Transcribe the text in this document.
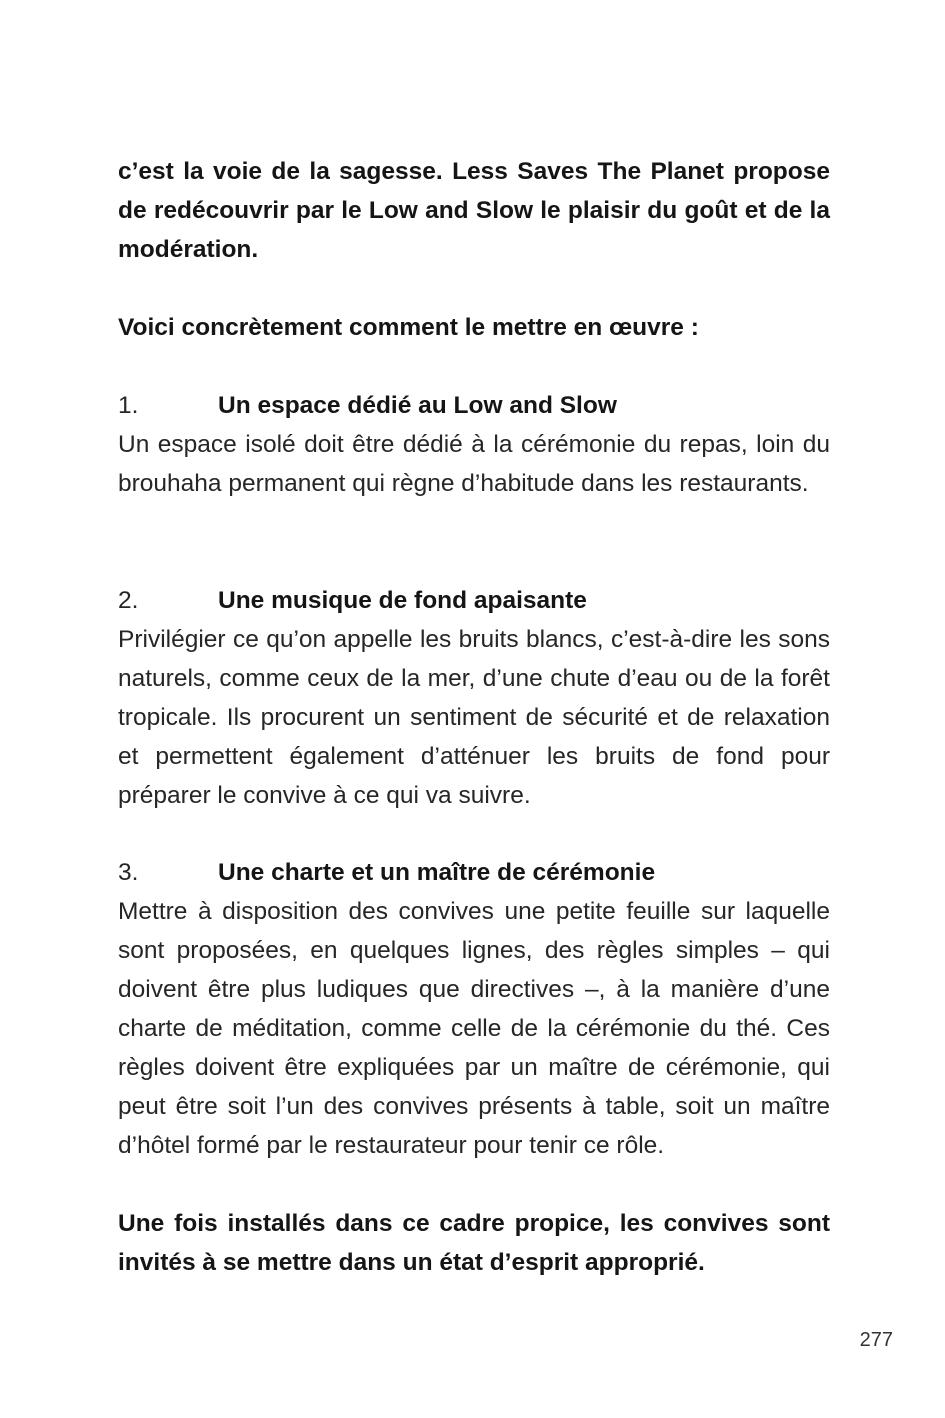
c’est la voie de la sagesse. Less Saves The Planet propose de redécouvrir par le Low and Slow le plaisir du goût et de la modération.

Voici concrètement comment le mettre en œuvre :

1.	Un espace dédié au Low and Slow

Un espace isolé doit être dédié à la cérémonie du repas, loin du brouhaha permanent qui règne d’habitude dans les restaurants.

2.	Une musique de fond apaisante

Privilégier ce qu’on appelle les bruits blancs, c’est-à-dire les sons naturels, comme ceux de la mer, d’une chute d’eau ou de la forêt tropicale. Ils procurent un sentiment de sécurité et de relaxation et permettent également d’atténuer les bruits de fond pour préparer le convive à ce qui va suivre.

3.	Une charte et un maître de cérémonie

Mettre à disposition des convives une petite feuille sur laquelle sont proposées, en quelques lignes, des règles simples – qui doivent être plus ludiques que directives –, à la manière d’une charte de méditation, comme celle de la cérémonie du thé. Ces règles doivent être expliquées par un maître de cérémonie, qui peut être soit l’un des convives présents à table, soit un maître d’hôtel formé par le restaurateur pour tenir ce rôle.

Une fois installés dans ce cadre propice, les convives sont invités à se mettre dans un état d’esprit approprié.

277
